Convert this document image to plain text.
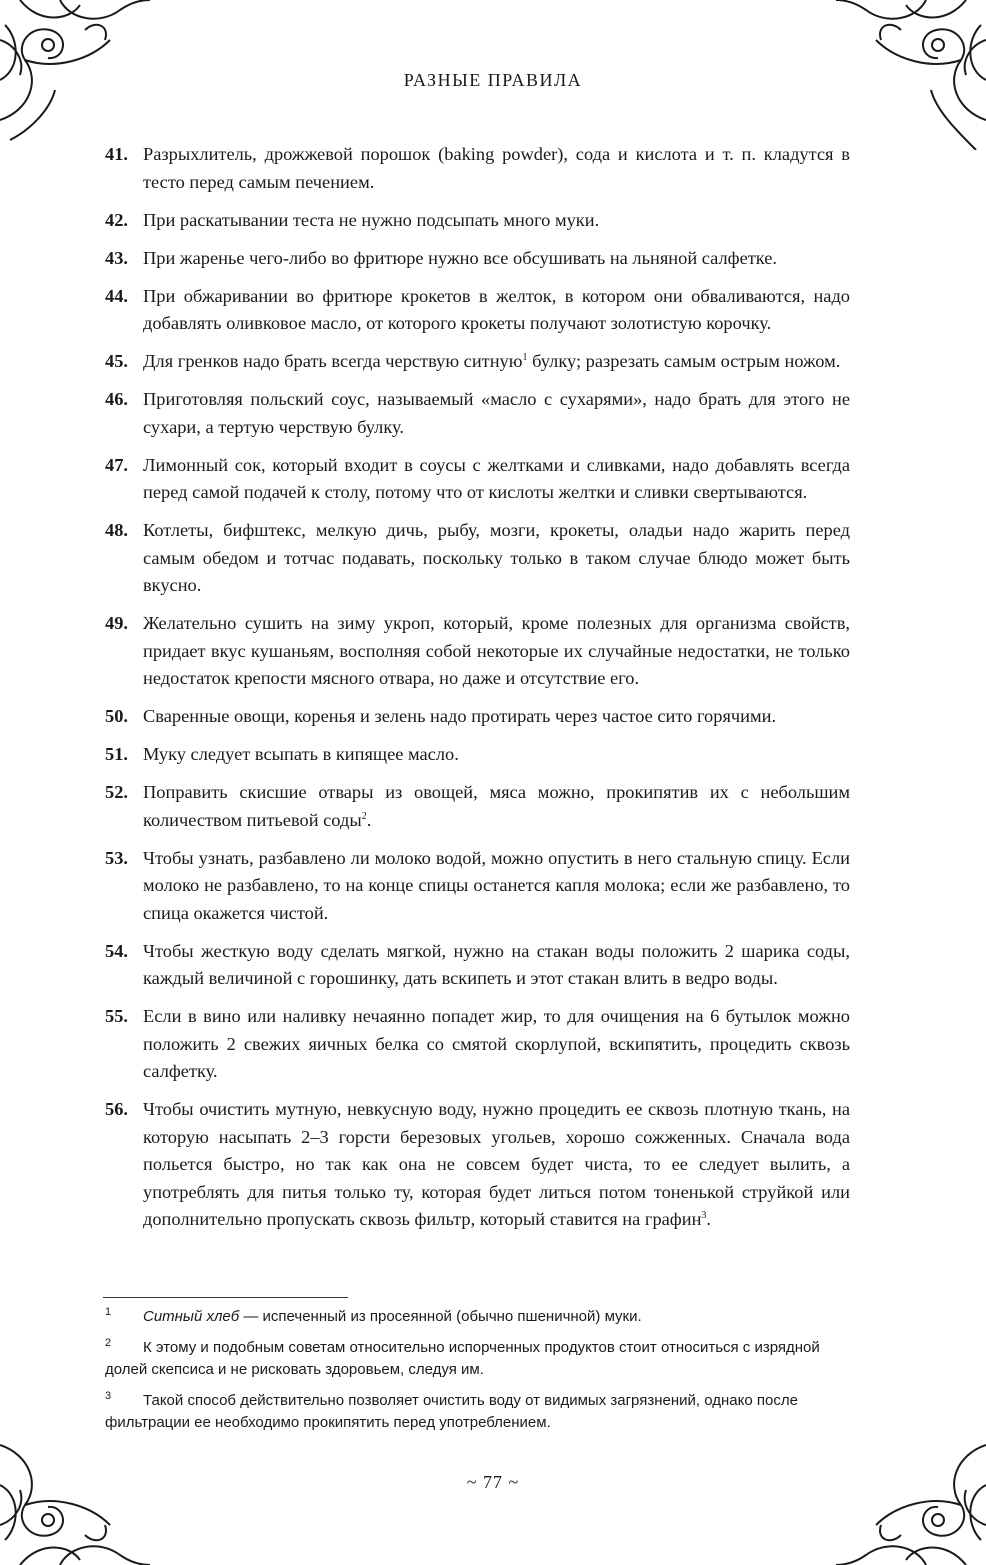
РАЗНЫЕ ПРАВИЛА
41. Разрыхлитель, дрожжевой порошок (baking powder), сода и кислота и т. п. кладутся в тесто перед самым печением.
42. При раскатывании теста не нужно подсыпать много муки.
43. При жаренье чего-либо во фритюре нужно все обсушивать на льняной салфетке.
44. При обжаривании во фритюре крокетов в желток, в котором они обваливаются, надо добавлять оливковое масло, от которого крокеты получают золотистую корочку.
45. Для гренков надо брать всегда черствую ситную$^1$ булку; разрезать самым острым ножом.
46. Приготовляя польский соус, называемый «масло с сухарями», надо брать для этого не сухари, а тертую черствую булку.
47. Лимонный сок, который входит в соусы с желтками и сливками, надо добавлять всегда перед самой подачей к столу, потому что от кислоты желтки и сливки свертываются.
48. Котлеты, бифштекс, мелкую дичь, рыбу, мозги, крокеты, оладьи надо жарить перед самым обедом и тотчас подавать, поскольку только в таком случае блюдо может быть вкусно.
49. Желательно сушить на зиму укроп, который, кроме полезных для организма свойств, придает вкус кушаньям, восполняя собой некоторые их случайные недостатки, не только недостаток крепости мясного отвара, но даже и отсутствие его.
50. Сваренные овощи, коренья и зелень надо протирать через частое сито горячими.
51. Муку следует всыпать в кипящее масло.
52. Поправить скисшие отвары из овощей, мяса можно, прокипятив их с небольшим количеством питьевой соды$^2$.
53. Чтобы узнать, разбавлено ли молоко водой, можно опустить в него стальную спицу. Если молоко не разбавлено, то на конце спицы останется капля молока; если же разбавлено, то спица окажется чистой.
54. Чтобы жесткую воду сделать мягкой, нужно на стакан воды положить 2 шарика соды, каждый величиной с горошинку, дать вскипеть и этот стакан влить в ведро воды.
55. Если в вино или наливку нечаянно попадет жир, то для очищения на 6 бутылок можно положить 2 свежих яичных белка со смятой скорлупой, вскипятить, процедить сквозь салфетку.
56. Чтобы очистить мутную, невкусную воду, нужно процедить ее сквозь плотную ткань, на которую насыпать 2–3 горсти березовых угольев, хорошо сожженных. Сначала вода польется быстро, но так как она не совсем будет чиста, то ее следует вылить, а употреблять для питья только ту, которая будет литься потом тоненькой струйкой или дополнительно пропускать сквозь фильтр, который ставится на графин$^3$.
1	Ситный хлеб — испеченный из просеянной (обычно пшеничной) муки.
2	К этому и подобным советам относительно испорченных продуктов стоит относиться с изрядной долей скепсиса и не рисковать здоровьем, следуя им.
3	Такой способ действительно позволяет очистить воду от видимых загрязнений, однако после фильтрации ее необходимо прокипятить перед употреблением.
~ 77 ~
